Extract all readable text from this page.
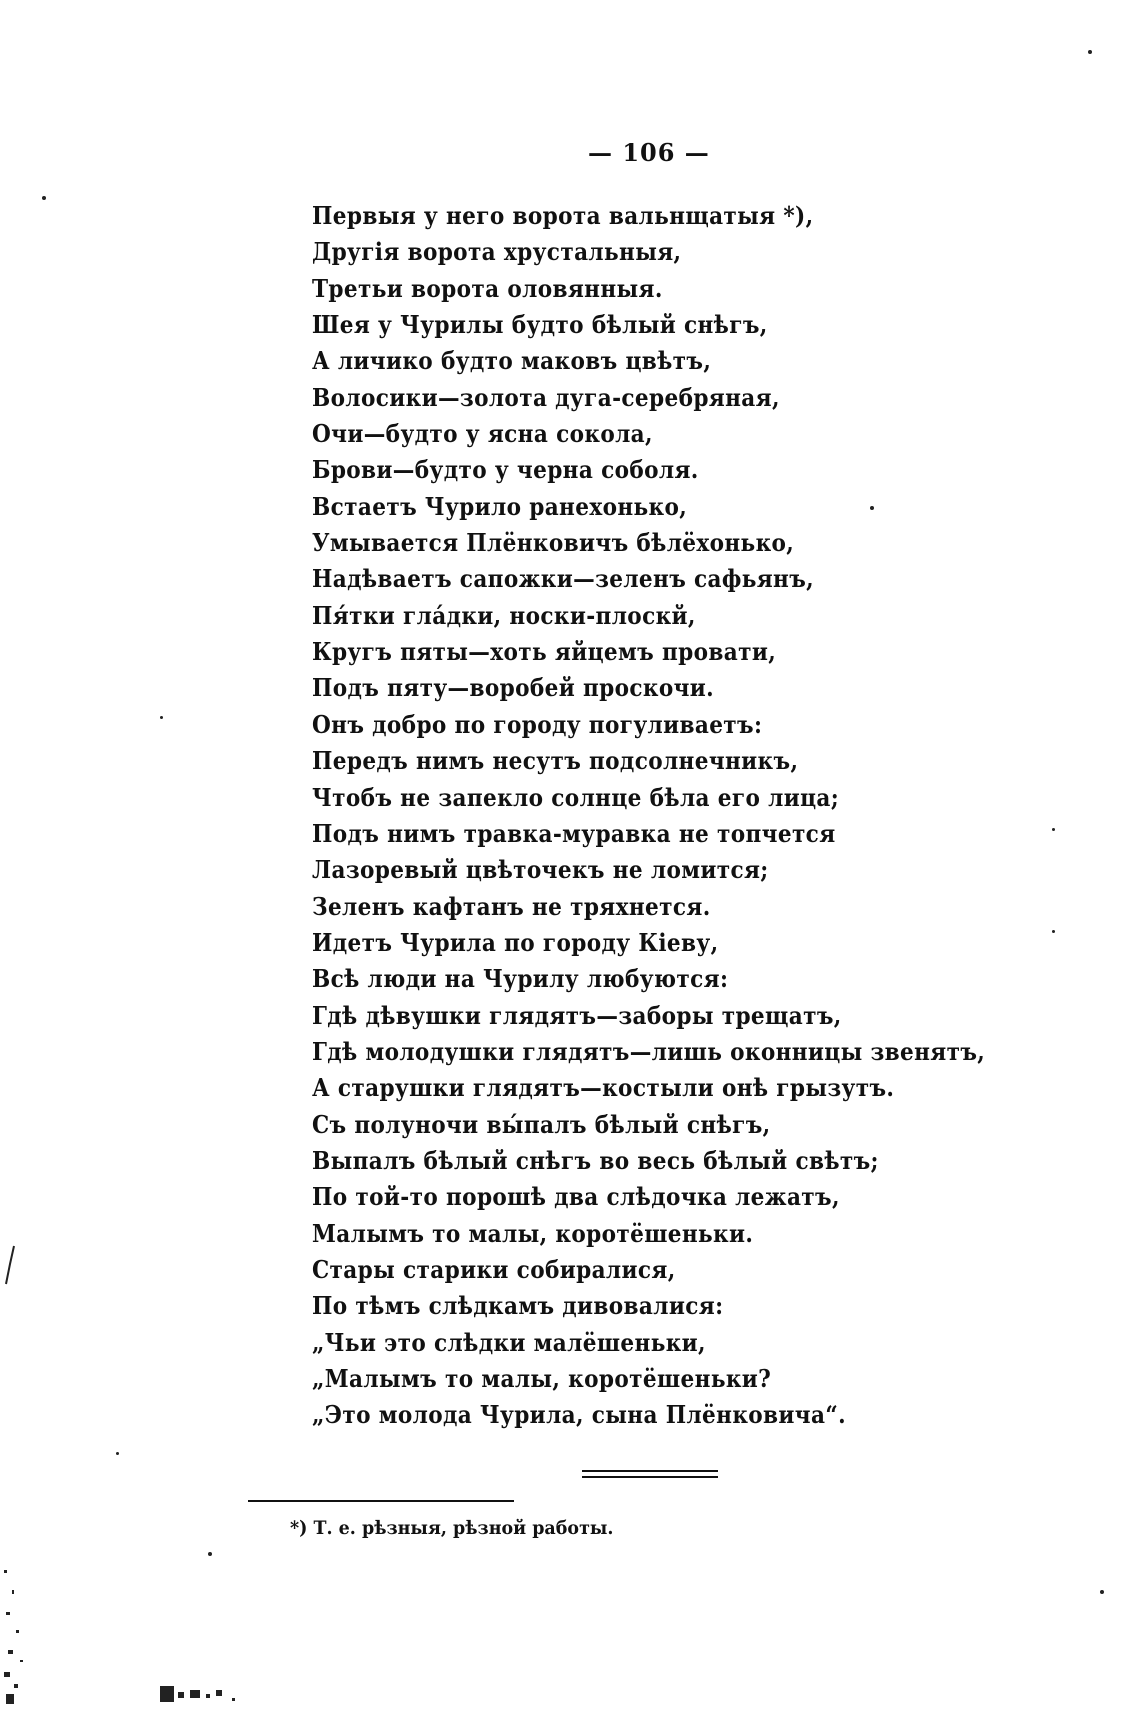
— 106 —
Первыя у него ворота вальнщатыя *),
Другія ворота хрустальныя,
Третьи ворота оловянныя.
Шея у Чурилы будто бѣлый снѣгъ,
А личико будто маковъ цвѣтъ,
Волосики—золота дуга-серебряная,
Очи—будто у ясна сокола,
Брови—будто у черна соболя.
Встаетъ Чурило ранехонько,
Умывается Плёнковичъ бѣлёхонько,
Надѣваетъ сапожки—зеленъ сафьянъ,
Пя́тки гла́дки, носки-плоскй,
Кругъ пяты—хоть яйцемъ провати,
Подъ пяту—воробей проскочи.
Онъ добро по городу погуливаетъ:
Передъ нимъ несутъ подсолнечникъ,
Чтобъ не запекло солнце бѣла его лица;
Подъ нимъ травка-муравка не топчется
Лазоревый цвѣточекъ не ломится;
Зеленъ кафтанъ не тряхнется.
Идетъ Чурила по городу Кіеву,
Всѣ люди на Чурилу любуются:
Гдѣ дѣвушки глядятъ—заборы трещатъ,
Гдѣ молодушки глядятъ—лишь оконницы звенятъ,
А старушки глядятъ—костыли онѣ грызутъ.
Съ полуночи вы́палъ бѣлый снѣгъ,
Выпалъ бѣлый снѣгъ во весь бѣлый свѣтъ;
По той-то порошѣ два слѣдочка лежатъ,
Малымъ то малы, коротёшеньки.
Стары старики собиралися,
По тѣмъ слѣдкамъ дивовалися:
„Чьи это слѣдки малёшеньки,
„Малымъ то малы, коротёшеньки?
„Это молода Чурила, сына Плёнковича“.
*) Т. е. рѣзныя, рѣзной работы.
